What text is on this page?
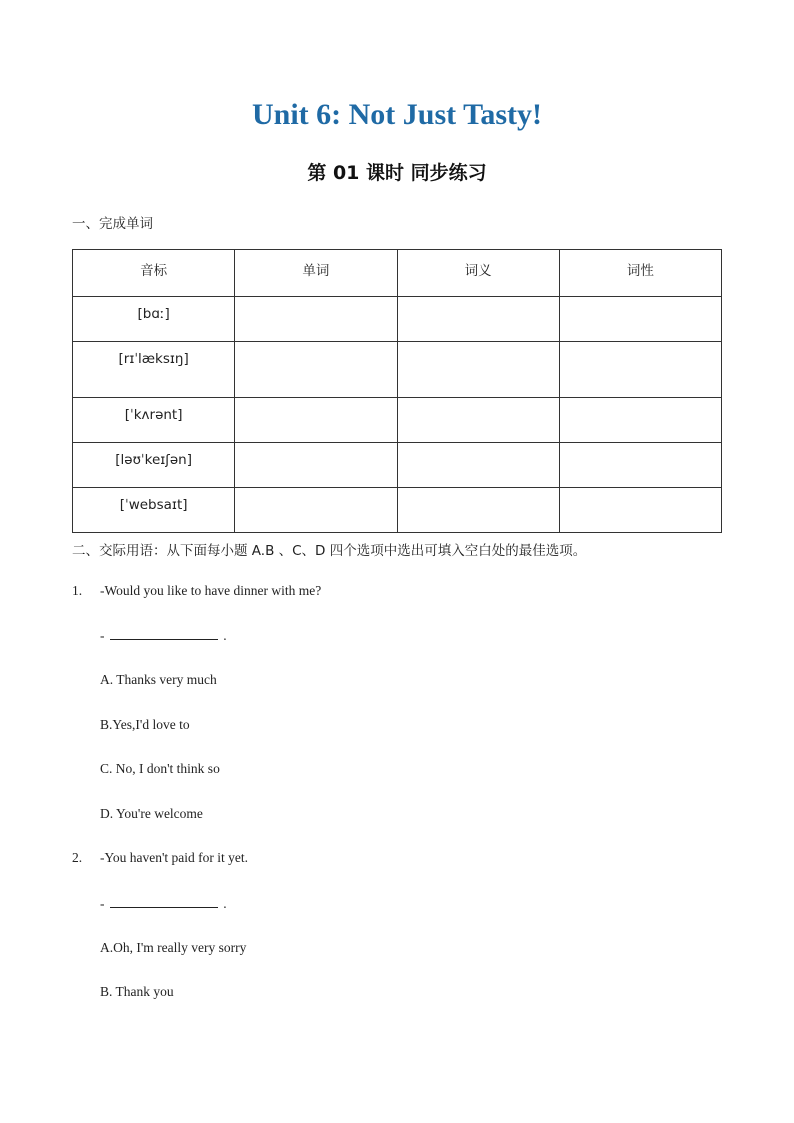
Unit 6: Not Just Tasty!
第 01 课时 同步练习
一、完成单词
音标	单词	词义	词性
[bɑː]			
[rɪˈlæksɪŋ]			
[ˈkʌrənt]			
[ləʊˈkeɪʃən]			
[ˈwebsaɪt]			
二、交际用语：从下面每小题 A.B 、C、D 四个选项中选出可填入空白处的最佳选项。
1. -Would you like to have dinner with me?
-	.
A. Thanks very much
B.Yes,I'd love to
C. No, I don't think so
D. You're welcome
2. -You haven't paid for it yet.
-	.
A.Oh, I'm really very sorry
B. Thank you
